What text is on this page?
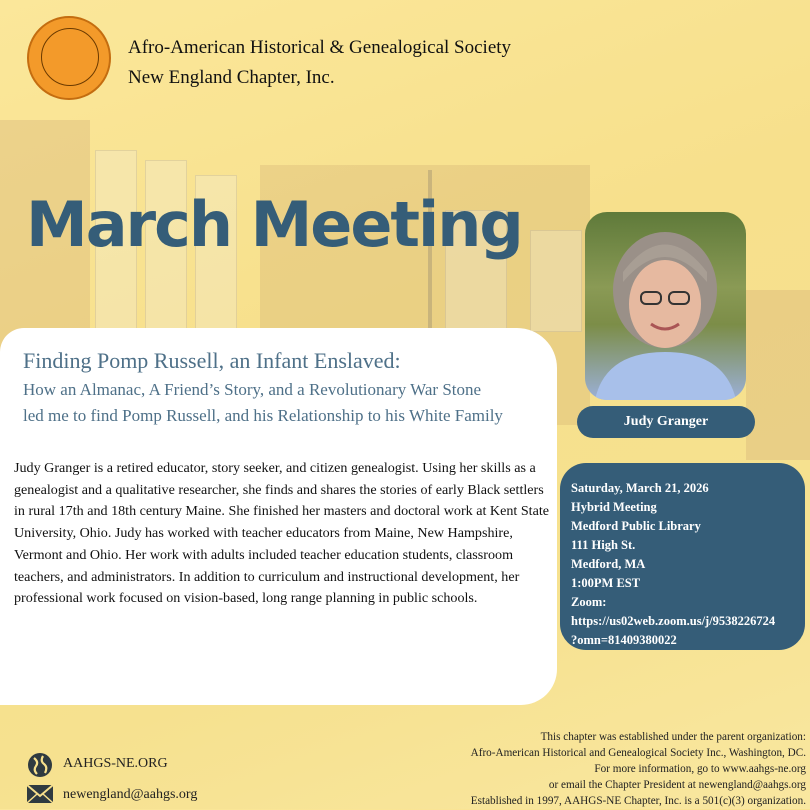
Afro-American Historical & Genealogical Society
New England Chapter, Inc.
March Meeting
Finding Pomp Russell, an Infant Enslaved:
How an Almanac, A Friend’s Story, and a Revolutionary War Stone
led me to find Pomp Russell, and his Relationship to his White Family
Judy Granger is a retired educator, story seeker, and citizen genealogist. Using her skills as a genealogist and a qualitative researcher, she finds and shares the stories of early Black settlers in rural 17th and 18th century Maine. She finished her masters and doctoral work at Kent State University, Ohio. Judy has worked with teacher educators from Maine, New Hampshire, Vermont and Ohio. Her work with adults included teacher education students, classroom teachers, and administrators. In addition to curriculum and instructional development, her professional work focused on vision-based, long range planning in public schools.
Judy Granger
Saturday, March 21, 2026
Hybrid Meeting
Medford Public Library
111 High St.
Medford, MA
1:00PM EST
Zoom:
https://us02web.zoom.us/j/9538226724
?omn=81409380022
AAHGS-NE.ORG
newengland@aahgs.org
This chapter was established under the parent organization:
Afro-American Historical and Genealogical Society Inc., Washington, DC.
For more information, go to www.aahgs-ne.org
or email the Chapter President at newengland@aahgs.org
Established in 1997, AAHGS-NE Chapter, Inc. is a 501(c)(3) organization.
